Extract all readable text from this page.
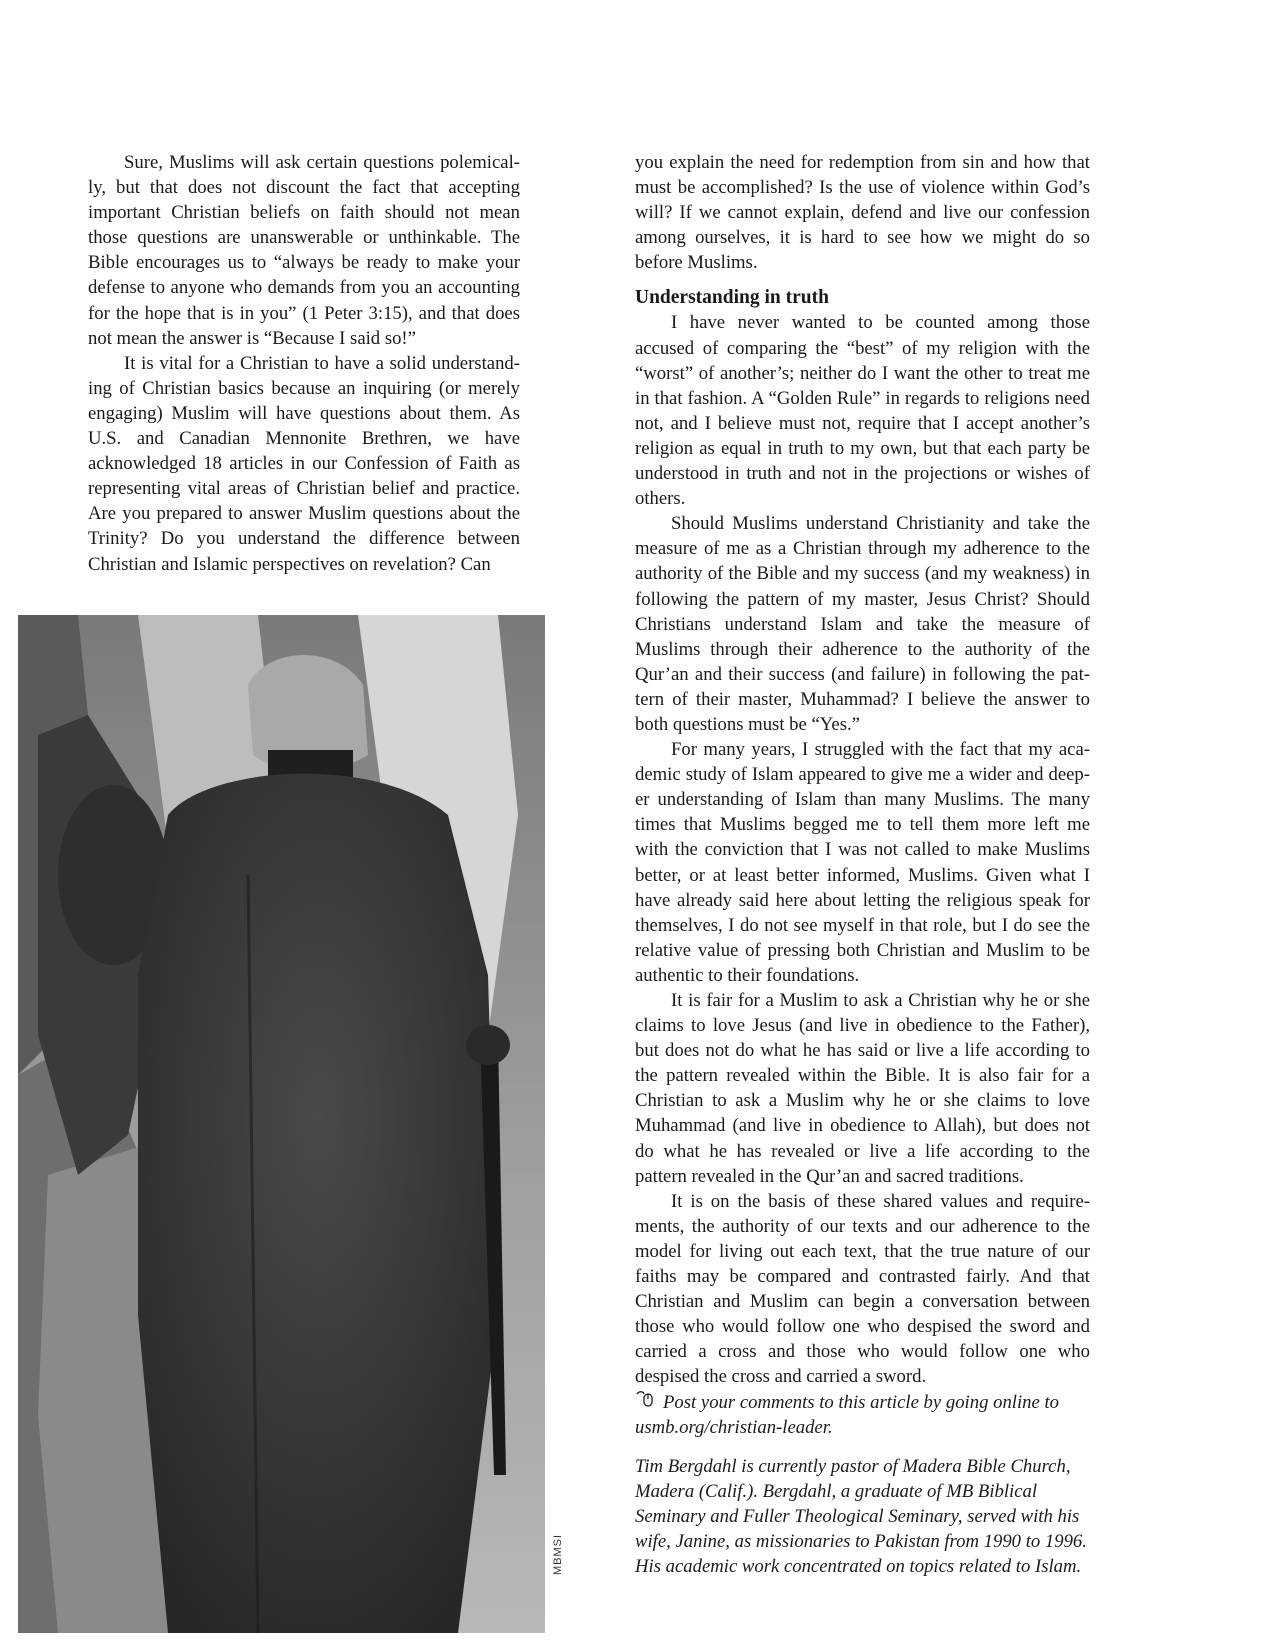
Sure, Muslims will ask certain questions polemically, but that does not discount the fact that accepting important Christian beliefs on faith should not mean those questions are unanswerable or unthinkable. The Bible encourages us to “always be ready to make your defense to anyone who demands from you an accounting for the hope that is in you” (1 Peter 3:15), and that does not mean the answer is “Because I said so!”

It is vital for a Christian to have a solid understanding of Christian basics because an inquiring (or merely engaging) Muslim will have questions about them. As U.S. and Canadian Mennonite Brethren, we have acknowledged 18 articles in our Confession of Faith as representing vital areas of Christian belief and practice. Are you prepared to answer Muslim questions about the Trinity? Do you understand the difference between Christian and Islamic perspectives on revelation? Can

MBMSI

you explain the need for redemption from sin and how that must be accomplished? Is the use of violence within God’s will? If we cannot explain, defend and live our confession among ourselves, it is hard to see how we might do so before Muslims.

Understanding in truth

I have never wanted to be counted among those accused of comparing the “best” of my religion with the “worst” of another’s; neither do I want the other to treat me in that fashion. A “Golden Rule” in regards to religions need not, and I believe must not, require that I accept another’s religion as equal in truth to my own, but that each party be understood in truth and not in the projections or wishes of others.

Should Muslims understand Christianity and take the measure of me as a Christian through my adherence to the authority of the Bible and my success (and my weakness) in following the pattern of my master, Jesus Christ? Should Christians understand Islam and take the measure of Muslims through their adherence to the authority of the Qur’an and their success (and failure) in following the pattern of their master, Muhammad? I believe the answer to both questions must be “Yes.”

For many years, I struggled with the fact that my academic study of Islam appeared to give me a wider and deeper understanding of Islam than many Muslims. The many times that Muslims begged me to tell them more left me with the conviction that I was not called to make Muslims better, or at least better informed, Muslims. Given what I have already said here about letting the religious speak for themselves, I do not see myself in that role, but I do see the relative value of pressing both Christian and Muslim to be authentic to their foundations.

It is fair for a Muslim to ask a Christian why he or she claims to love Jesus (and live in obedience to the Father), but does not do what he has said or live a life according to the pattern revealed within the Bible. It is also fair for a Christian to ask a Muslim why he or she claims to love Muhammad (and live in obedience to Allah), but does not do what he has revealed or live a life according to the pattern revealed in the Qur’an and sacred traditions.

It is on the basis of these shared values and requirements, the authority of our texts and our adherence to the model for living out each text, that the true nature of our faiths may be compared and contrasted fairly. And that Christian and Muslim can begin a conversation between those who would follow one who despised the sword and carried a cross and those who would follow one who despised the cross and carried a sword.

Post your comments to this article by going online to usmb.org/christian-leader.

Tim Bergdahl is currently pastor of Madera Bible Church, Madera (Calif.). Bergdahl, a graduate of MB Biblical Seminary and Fuller Theological Seminary, served with his wife, Janine, as missionaries to Pakistan from 1990 to 1996. His academic work concentrated on topics related to Islam.
